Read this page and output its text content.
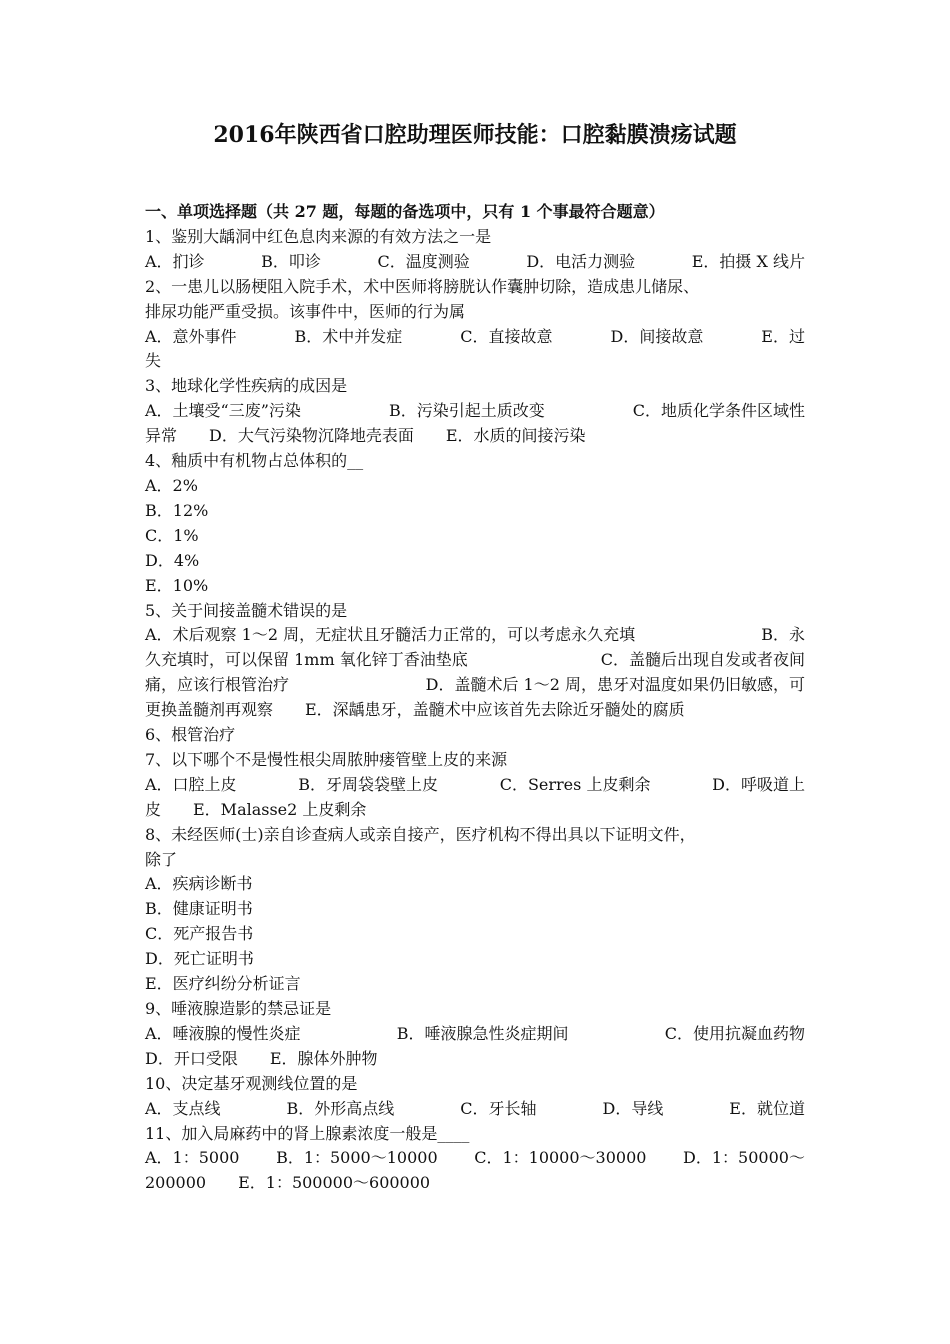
2016年陕西省口腔助理医师技能：口腔黏膜溃疡试题
一、单项选择题（共 27 题，每题的备选项中，只有 1 个事最符合题意）
1、鉴别大龋洞中红色息肉来源的有效方法之一是
A．扪诊	B．叩诊	C．温度测验	D．电活力测验	E．拍摄 X 线片
2、一患儿以肠梗阻入院手术，术中医师将膀胱认作囊肿切除，造成患儿储尿、
排尿功能严重受损。该事件中，医师的行为属
A．意外事件	B．术中并发症	C．直接故意	D．间接故意	E．过
失
3、地球化学性疾病的成因是
A．土壤受“三废”污染	B．污染引起土质改变	C．地质化学条件区域性
异常　　D．大气污染物沉降地壳表面　　E．水质的间接污染
4、釉质中有机物占总体积的__
A．2%
B．12%
C．1%
D．4%
E．10%
5、关于间接盖髓术错误的是
A．术后观察 1～2 周，无症状且牙髓活力正常的，可以考虑永久充填	B．永
久充填时，可以保留 1mm 氧化锌丁香油垫底	C．盖髓后出现自发或者夜间
痛，应该行根管治疗	D．盖髓术后 1～2 周，患牙对温度如果仍旧敏感，可
更换盖髓剂再观察　　E．深龋患牙，盖髓术中应该首先去除近牙髓处的腐质
6、根管治疗
7、以下哪个不是慢性根尖周脓肿瘘管壁上皮的来源
A．口腔上皮	B．牙周袋袋壁上皮	C．Serres 上皮剩余	D．呼吸道上
皮　　E．Malasse2 上皮剩余
8、未经医师(士)亲自诊查病人或亲自接产，医疗机构不得出具以下证明文件，
除了
A．疾病诊断书
B．健康证明书
C．死产报告书
D．死亡证明书
E．医疗纠纷分析证言
9、唾液腺造影的禁忌证是
A．唾液腺的慢性炎症	B．唾液腺急性炎症期间	C．使用抗凝血药物
D．开口受限　　E．腺体外肿物
10、决定基牙观测线位置的是
A．支点线	B．外形高点线	C．牙长轴	D．导线	E．就位道
11、加入局麻药中的肾上腺素浓度一般是____
A．1：5000 B．1：5000～10000 C．1：10000～30000 D．1：50000～
200000　　E．1：500000～600000
